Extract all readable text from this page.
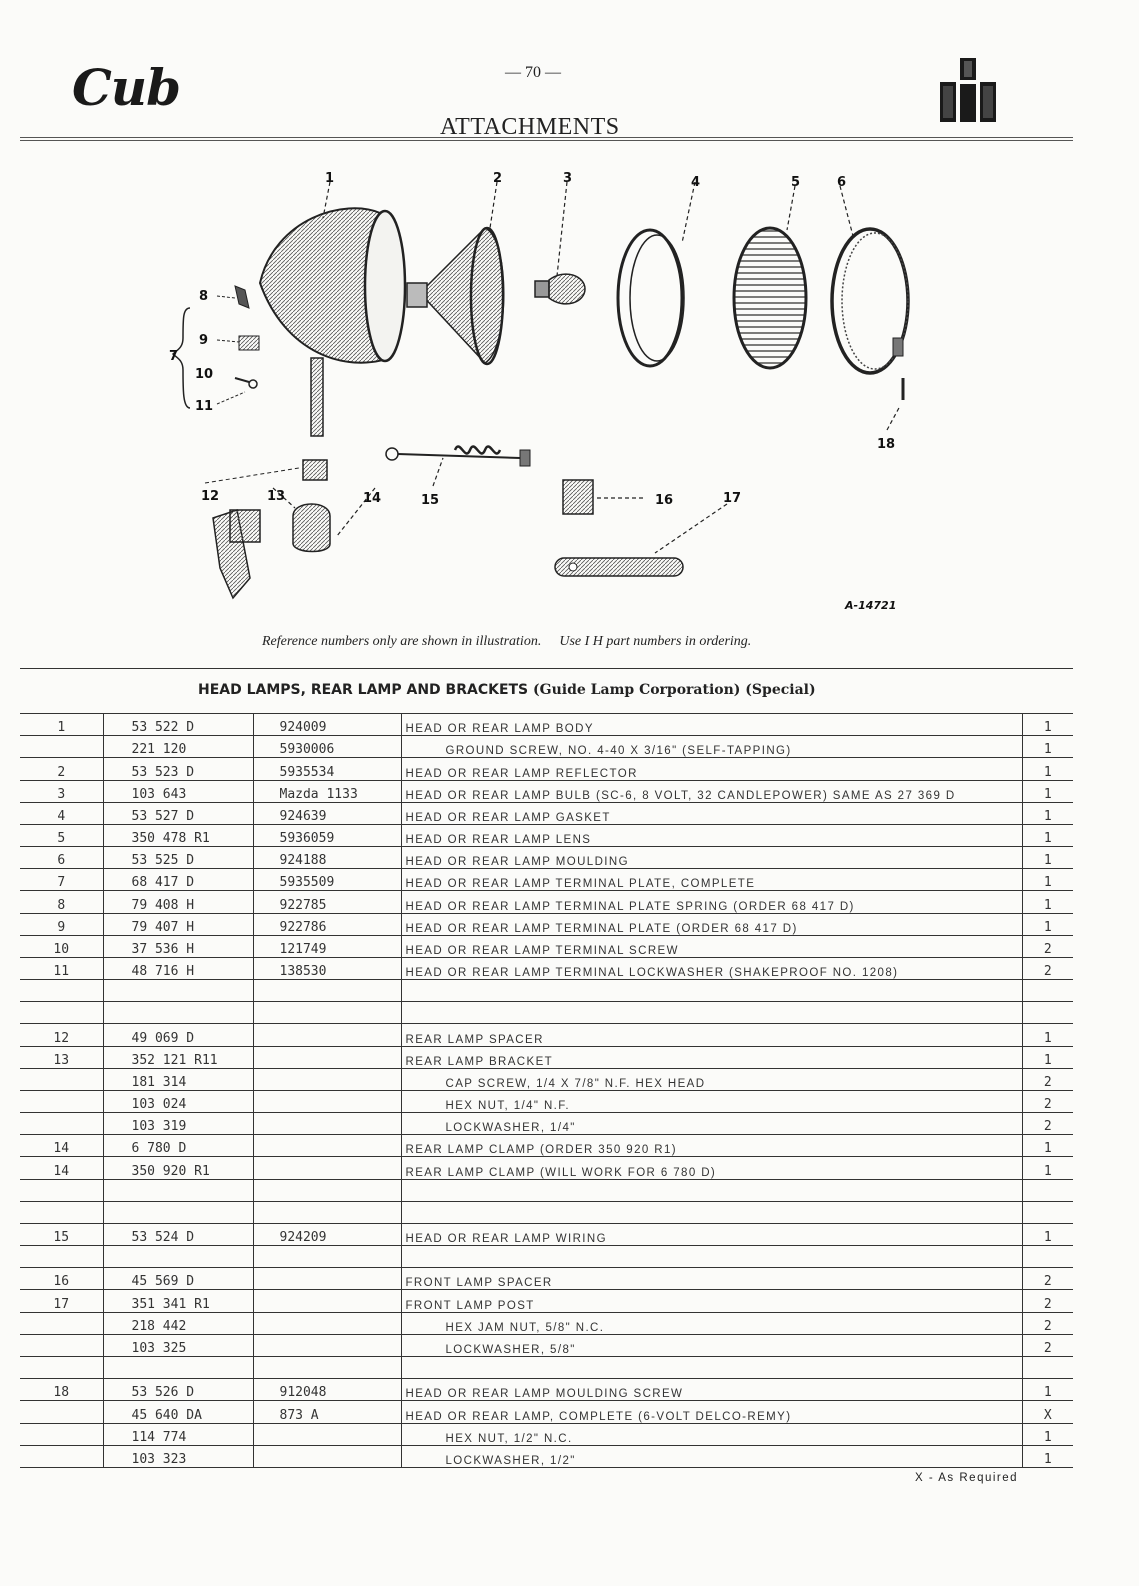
Cub	— 70 —
ATTACHMENTS
1	2	3	4	5	6
7
8
9
10
11
12	13	14	15	16	17
18
A-14721
Reference numbers only are shown in illustration. Use I H part numbers in ordering.
HEAD LAMPS, REAR LAMP AND BRACKETS (Guide Lamp Corporation) (Special)
1	53 522 D	924009	HEAD OR REAR LAMP BODY	1
	221 120	5930006	GROUND SCREW, NO. 4-40 X 3/16" (SELF-TAPPING)	1
2	53 523 D	5935534	HEAD OR REAR LAMP REFLECTOR	1
3	103 643	Mazda 1133	HEAD OR REAR LAMP BULB (SC-6, 8 VOLT, 32 CANDLEPOWER) SAME AS 27 369 D	1
4	53 527 D	924639	HEAD OR REAR LAMP GASKET	1
5	350 478 R1	5936059	HEAD OR REAR LAMP LENS	1
6	53 525 D	924188	HEAD OR REAR LAMP MOULDING	1
7	68 417 D	5935509	HEAD OR REAR LAMP TERMINAL PLATE, COMPLETE	1
8	79 408 H	922785	HEAD OR REAR LAMP TERMINAL PLATE SPRING (ORDER 68 417 D)	1
9	79 407 H	922786	HEAD OR REAR LAMP TERMINAL PLATE (ORDER 68 417 D)	1
10	37 536 H	121749	HEAD OR REAR LAMP TERMINAL SCREW	2
11	48 716 H	138530	HEAD OR REAR LAMP TERMINAL LOCKWASHER (SHAKEPROOF NO. 1208)	2

12	49 069 D		REAR LAMP SPACER	1
13	352 121 R11		REAR LAMP BRACKET	1
	181 314		CAP SCREW, 1/4 X 7/8" N.F. HEX HEAD	2
	103 024		HEX NUT, 1/4" N.F.	2
	103 319		LOCKWASHER, 1/4"	2
14	6 780 D		REAR LAMP CLAMP (ORDER 350 920 R1)	1
14	350 920 R1		REAR LAMP CLAMP (WILL WORK FOR 6 780 D)	1

15	53 524 D	924209	HEAD OR REAR LAMP WIRING	1

16	45 569 D		FRONT LAMP SPACER	2
17	351 341 R1		FRONT LAMP POST	2
	218 442		HEX JAM NUT, 5/8" N.C.	2
	103 325		LOCKWASHER, 5/8"	2

18	53 526 D	912048	HEAD OR REAR LAMP MOULDING SCREW	1
	45 640 DA	873 A	HEAD OR REAR LAMP, COMPLETE (6-VOLT DELCO-REMY)	X
	114 774		HEX NUT, 1/2" N.C.	1
	103 323		LOCKWASHER, 1/2"	1
X - As Required
